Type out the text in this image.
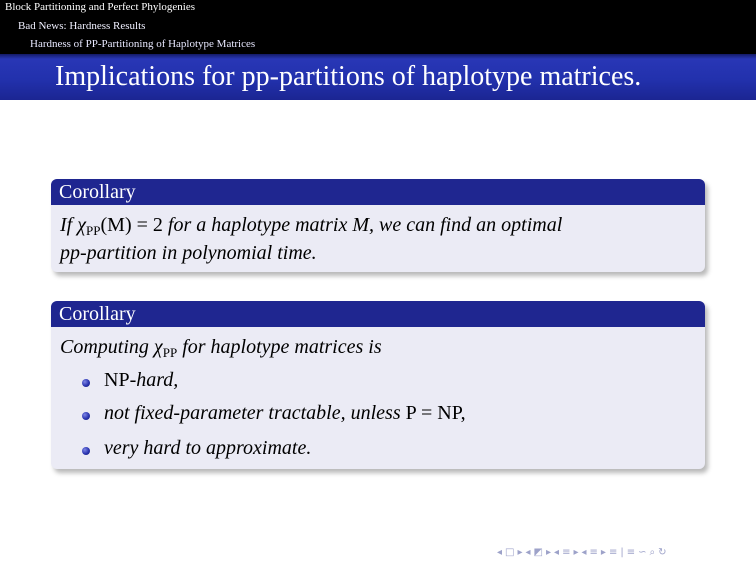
Block Partitioning and Perfect Phylogenies
Bad News: Hardness Results
Hardness of PP-Partitioning of Haplotype Matrices
Implications for pp-partitions of haplotype matrices.
Corollary
If $\chi_{PP}(M) = 2$ for a haplotype matrix M, we can find an optimal
pp-partition in polynomial time.
Corollary
Computing $\chi_{PP}$ for haplotype matrices is
NP-hard,
not fixed-parameter tractable, unless P = NP,
very hard to approximate.
◂ □ ▸ ◂ ◩ ▸ ◂ ≡ ▸ ◂ ≡ ▸ ≡ | ≡ ∽ ⌕ ↻
